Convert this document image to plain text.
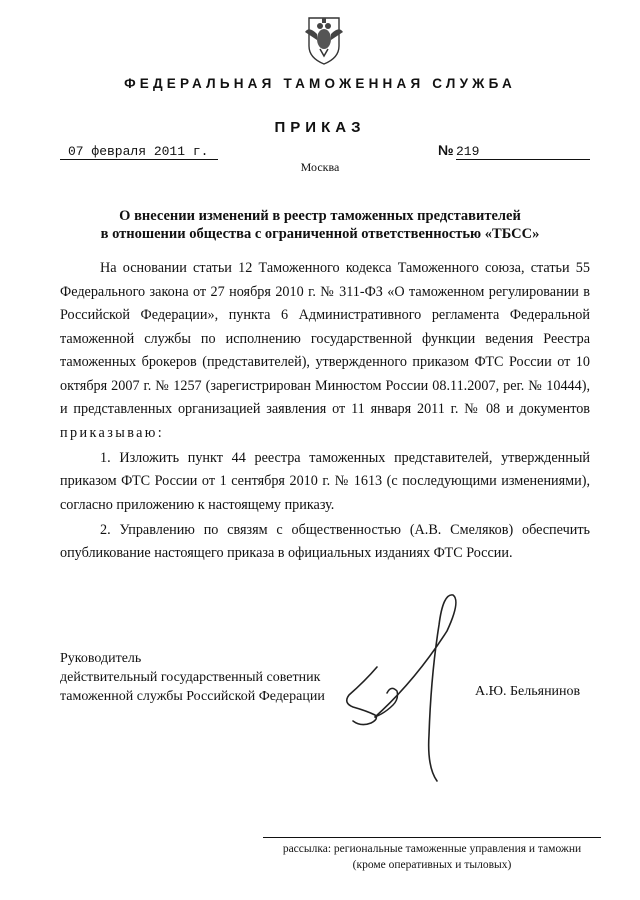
ФЕДЕРАЛЬНАЯ ТАМОЖЕННАЯ СЛУЖБА
ПРИКАЗ
07 февраля 2011 г.	№ 219
Москва
О внесении изменений в реестр таможенных представителей
в отношении общества с ограниченной ответственностью «ТБСС»

На основании статьи 12 Таможенного кодекса Таможенного союза, статьи 55 Федерального закона от 27 ноября 2010 г. № 311-ФЗ «О таможенном регулировании в Российской Федерации», пункта 6 Административного регламента Федеральной таможенной службы по исполнению государственной функции ведения Реестра таможенных брокеров (представителей), утвержденного приказом ФТС России от 10 октября 2007 г. № 1257 (зарегистрирован Минюстом России 08.11.2007, рег. № 10444), и представленных организацией заявления от 11 января 2011 г. № 08 и документов приказываю:

1. Изложить пункт 44 реестра таможенных представителей, утвержденный приказом ФТС России от 1 сентября 2010 г. № 1613 (с последующими изменениями), согласно приложению к настоящему приказу.

2. Управлению по связям с общественностью (А.В. Смеляков) обеспечить опубликование настоящего приказа в официальных изданиях ФТС России.

Руководитель
действительный государственный советник
таможенной службы Российской Федерации	А.Ю. Бельянинов
рассылка: региональные таможенные управления и таможни
(кроме оперативных и тыловых)
